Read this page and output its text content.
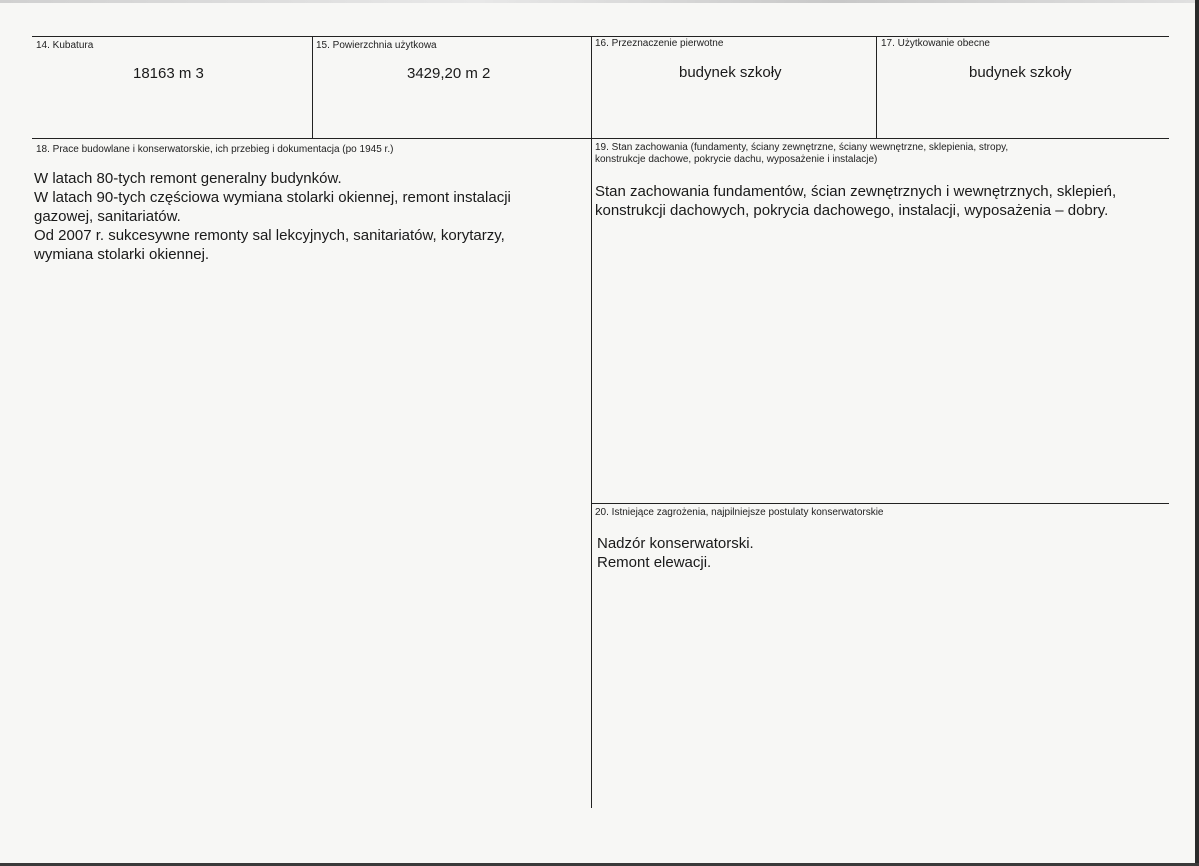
14. Kubatura
18163 m 3
15. Powierzchnia użytkowa
3429,20 m 2
16. Przeznaczenie pierwotne
budynek szkoły
17. Użytkowanie obecne
budynek szkoły
18. Prace budowlane i konserwatorskie, ich przebieg i dokumentacja (po 1945 r.)
W latach 80-tych remont generalny budynków.
W latach 90-tych częściowa wymiana stolarki okiennej, remont instalacji
gazowej, sanitariatów.
Od 2007 r. sukcesywne remonty sal lekcyjnych, sanitariatów, korytarzy,
wymiana stolarki okiennej.
19. Stan zachowania (fundamenty, ściany zewnętrzne, ściany wewnętrzne, sklepienia, stropy,
konstrukcje dachowe, pokrycie dachu, wyposażenie i instalacje)
Stan zachowania fundamentów, ścian zewnętrznych i wewnętrznych, sklepień,
konstrukcji dachowych, pokrycia dachowego, instalacji, wyposażenia – dobry.
20. Istniejące zagrożenia, najpilniejsze postulaty konserwatorskie
Nadzór konserwatorski.
Remont elewacji.
